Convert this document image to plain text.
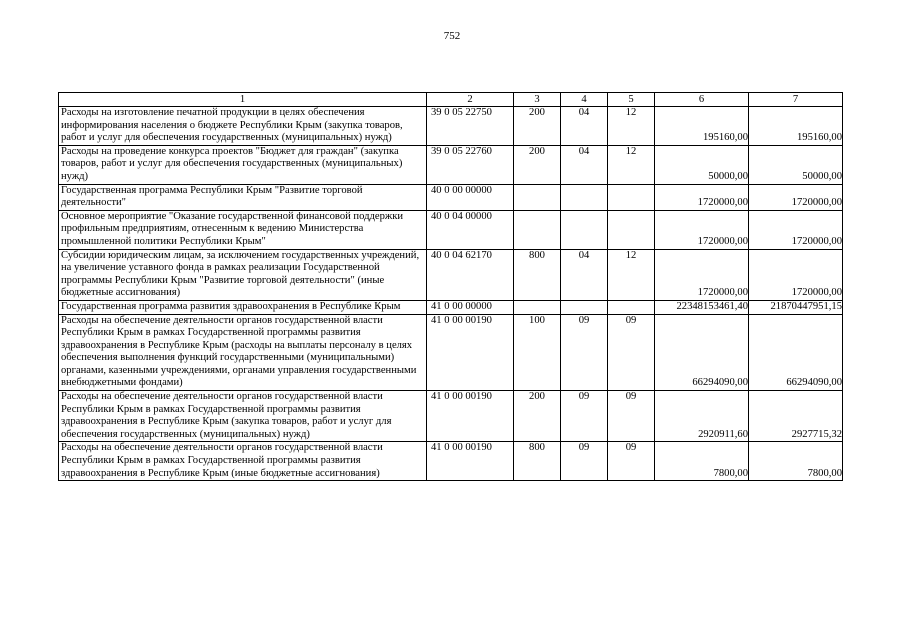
752
1	2	3	4	5	6	7
Расходы на изготовление печатной продукции в целях обеспечения информирования населения о бюджете Республики Крым (закупка товаров, работ и услуг для обеспечения государственных (муниципальных) нужд)	39 0 05 22750	200	04	12	195160,00	195160,00
Расходы на проведение конкурса проектов "Бюджет для граждан" (закупка товаров, работ и услуг для обеспечения государственных (муниципальных) нужд)	39 0 05 22760	200	04	12	50000,00	50000,00
Государственная программа Республики Крым "Развитие торговой деятельности"	40 0 00 00000				1720000,00	1720000,00
Основное мероприятие "Оказание государственной финансовой поддержки профильным предприятиям, отнесенным к ведению Министерства промышленной политики Республики Крым"	40 0 04 00000				1720000,00	1720000,00
Субсидии юридическим лицам, за исключением государственных учреждений, на увеличение уставного фонда в рамках реализации Государственной программы Республики Крым "Развитие торговой деятельности" (иные бюджетные ассигнования)	40 0 04 62170	800	04	12	1720000,00	1720000,00
Государственная программа развития здравоохранения в Республике Крым	41 0 00 00000				22348153461,40	21870447951,15
Расходы на обеспечение деятельности органов государственной власти Республики Крым в рамках Государственной программы развития здравоохранения в Республике Крым (расходы на выплаты персоналу в целях обеспечения выполнения функций государственными (муниципальными) органами, казенными учреждениями, органами управления государственными внебюджетными фондами)	41 0 00 00190	100	09	09	66294090,00	66294090,00
Расходы на обеспечение деятельности органов государственной власти Республики Крым в рамках Государственной программы развития здравоохранения в Республике Крым (закупка товаров, работ и услуг для обеспечения государственных (муниципальных) нужд)	41 0 00 00190	200	09	09	2920911,60	2927715,32
Расходы на обеспечение деятельности органов государственной власти Республики Крым в рамках Государственной программы развития здравоохранения в Республике Крым (иные бюджетные ассигнования)	41 0 00 00190	800	09	09	7800,00	7800,00
